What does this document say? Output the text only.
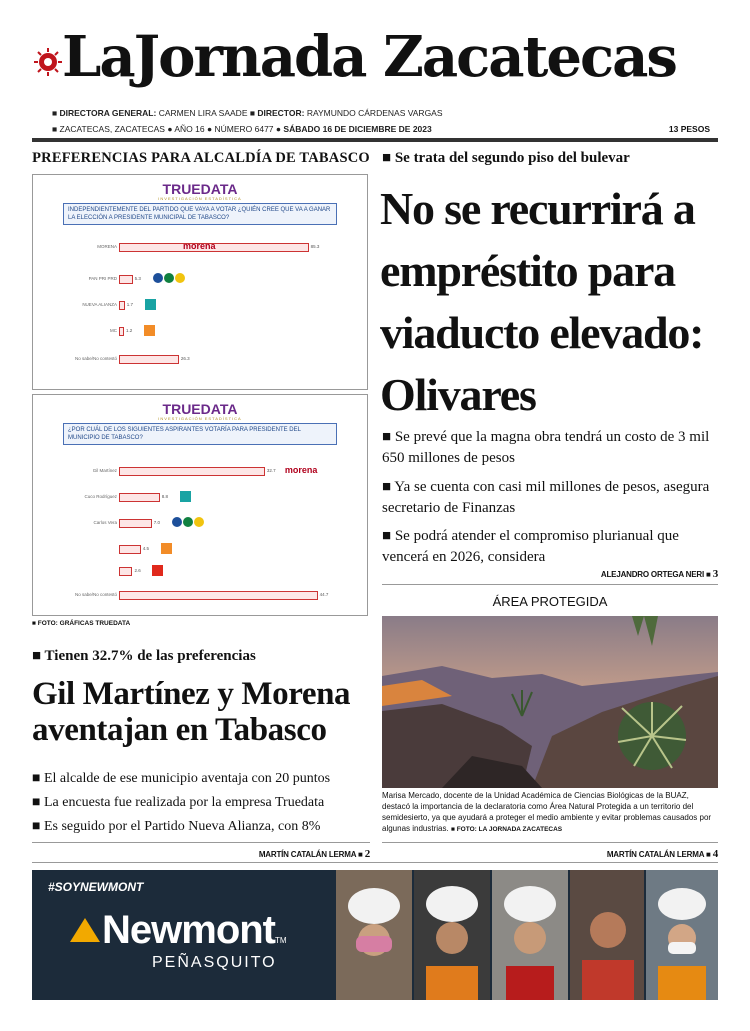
LaJornada Zacatecas
■ DIRECTORA GENERAL: CARMEN LIRA SAADE ■ DIRECTOR: RAYMUNDO CÁRDENAS VARGAS
■ ZACATECAS, ZACATECAS ● AÑO 16 ● NÚMERO 6477 ● SÁBADO 16 DE DICIEMBRE DE 2023	13 PESOS
PREFERENCIAS PARA ALCALDÍA DE TABASCO
TRUEDATA
INVESTIGACIÓN ESTADÍSTICA
INDEPENDIENTEMENTE DEL PARTIDO QUE VAYA A VOTAR ¿QUIÉN CREE QUE VA A GANAR LA ELECCIÓN A PRESIDENTE MUNICIPAL DE TABASCO?
MORENA	85.3
morena
PAN PRI PRD	5.3
NUEVA ALIANZA 1.7
MC 1.2
No sabe/No contestó	26.3
TRUEDATA
INVESTIGACIÓN ESTADÍSTICA
¿POR CUÁL DE LOS SIGUIENTES ASPIRANTES VOTARÍA PARA PRESIDENTE DEL MUNICIPIO DE TABASCO?
Gil Martínez	32.7 morena
Cuco Rodríguez	8.8
Carlos Vera	7.0
4.5
2.6
No sabe/No contestó	44.7
■ FOTO: GRÁFICAS TRUEDATA
■ Tienen 32.7% de las preferencias
Gil Martínez y Morena aventajan en Tabasco
■ El alcalde de ese municipio aventaja con 20 puntos
■ La encuesta fue realizada por la empresa Truedata
■ Es seguido por el Partido Nueva Alianza, con 8%
MARTÍN CATALÁN LERMA ■ 2
■ Se trata del segundo piso del bulevar
No se recurrirá a empréstito para viaducto elevado: Olivares
■ Se prevé que la magna obra tendrá un costo de 3 mil 650 millones de pesos
■ Ya se cuenta con casi mil millones de pesos, asegura secretario de Finanzas
■ Se podrá atender el compromiso plurianual que vencerá en 2026, considera
ALEJANDRO ORTEGA NERI ■ 3
ÁREA PROTEGIDA
Marisa Mercado, docente de la Unidad Académica de Ciencias Biológicas de la BUAZ, destacó la importancia de la declaratoria como Área Natural Protegida a un territorio del semidesierto, ya que ayudará a proteger el medio ambiente y evitar problemas causados por algunas industrias. ■ FOTO: LA JORNADA ZACATECAS
MARTÍN CATALÁN LERMA ■ 4
#SOYNEWMONT
NewmontTM
PEÑASQUITO
